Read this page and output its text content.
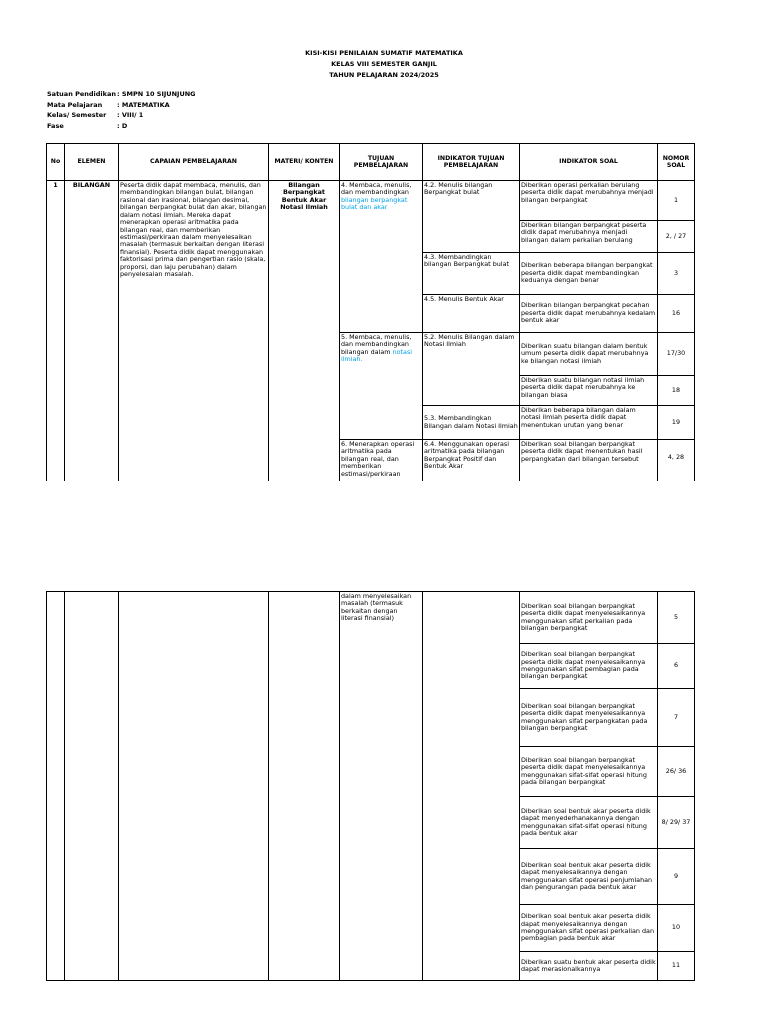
KISI-KISI PENILAIAN SUMATIF MATEMATIKA
KELAS VIII SEMESTER GANJIL
TAHUN PELAJARAN 2024/2025
Satuan Pendidikan : SMPN 10 SIJUNJUNG
Mata Pelajaran : MATEMATIKA
Kelas/ Semester : VIII/ 1
Fase	: D
No	ELEMEN	CAPAIAN PEMBELAJARAN	MATERI/ KONTEN	TUJUAN PEMBELAJARAN	INDIKATOR TUJUAN PEMBELAJARAN	INDIKATOR SOAL	NOMOR SOAL
1	BILANGAN	Peserta didik dapat membaca, menulis, dan membandingkan bilangan bulat, bilangan rasional dan irasional, bilangan desimal, bilangan berpangkat bulat dan akar, bilangan dalam notasi ilmiah. Mereka dapat menerapkan operasi aritmatika pada bilangan real, dan memberikan estimasi/perkiraan dalam menyelesaikan masalah (termasuk berkaitan dengan literasi finansial). Peserta didik dapat menggunakan faktorisasi prima dan pengertian rasio (skala, proporsi, dan laju perubahan) dalam penyelesaian masalah.	Bilangan Berpangkat Bentuk Akar Notasi Ilmiah	4. Membaca, menulis, dan membandingkan bilangan berpangkat bulat dan akar	4.2. Menulis bilangan Berpangkat bulat	Diberikan operasi perkalian berulang peserta didik dapat merubahnya menjadi bilangan berpangkat	1
						Diberikan bilangan berpangkat peserta didik dapat merubahnya menjadi bilangan dalam perkalian berulang	2, / 27
					4.3. Membandingkan bilangan Berpangkat bulat	Diberikan beberapa bilangan berpangkat peserta didik dapat membandingkan keduanya dengan benar	3
					4.5. Menulis Bentuk Akar	Diberikan bilangan berpangkat pecahan peserta didik dapat merubahnya kedalam bentuk akar	16
				5. Membaca, menulis, dan membandingkan bilangan dalam notasi ilmiah.	5.2. Menulis Bilangan dalam Notasi Ilmiah	Diberikan suatu bilangan dalam bentuk umum peserta didik dapat merubahnya ke bilangan notasi ilmiah	17/30
						Diberikan suatu bilangan notasi ilmiah peserta didik dapat merubahnya ke bilangan biasa	18
					5.3. Membandingkan Bilangan dalam Notasi Ilmiah	Diberikan beberapa bilangan dalam notasi ilmiah peserta didik dapat menentukan urutan yang benar	19
				6. Menerapkan operasi aritmatika pada bilangan real, dan memberikan estimasi/perkiraan	6.4. Menggunakan operasi aritmatika pada bilangan Berpangkat Positif dan Bentuk Akar	Diberikan soal bilangan berpangkat peserta didik dapat menentukan hasil perpangkatan dari bilangan tersebut	4, 28
				dalam menyelesaikan masalah (termasuk berkaitan dengan literasi finansial)		Diberikan soal bilangan berpangkat peserta didik dapat menyelesaikannya menggunakan sifat perkalian pada bilangan berpangkat	5
						Diberikan soal bilangan berpangkat peserta didik dapat menyelesaikannya menggunakan sifat pembagian pada bilangan berpangkat	6
						Diberikan soal bilangan berpangkat peserta didik dapat menyelesaikannya menggunakan sifat perpangkatan pada bilangan berpangkat	7
						Diberikan soal bilangan berpangkat peserta didik dapat menyelesaikannya menggunakan sifat-sifat operasi hitung pada bilangan berpangkat	26/ 36
						Diberikan soal bentuk akar peserta didik dapat menyederhanakannya dengan menggunakan sifat-sifat operasi hitung pada bentuk akar	8/ 29/ 37
						Diberikan soal bentuk akar peserta didik dapat menyelesaikannya dengan menggunakan sifat operasi penjumlahan dan pengurangan pada bentuk akar	9
						Diberikan soal bentuk akar peserta didik dapat menyelesaikannya dengan menggunakan sifat operasi perkalian dan pembagian pada bentuk akar	10
						Diberikan suatu bentuk akar peserta didik dapat merasionalkannya	11
